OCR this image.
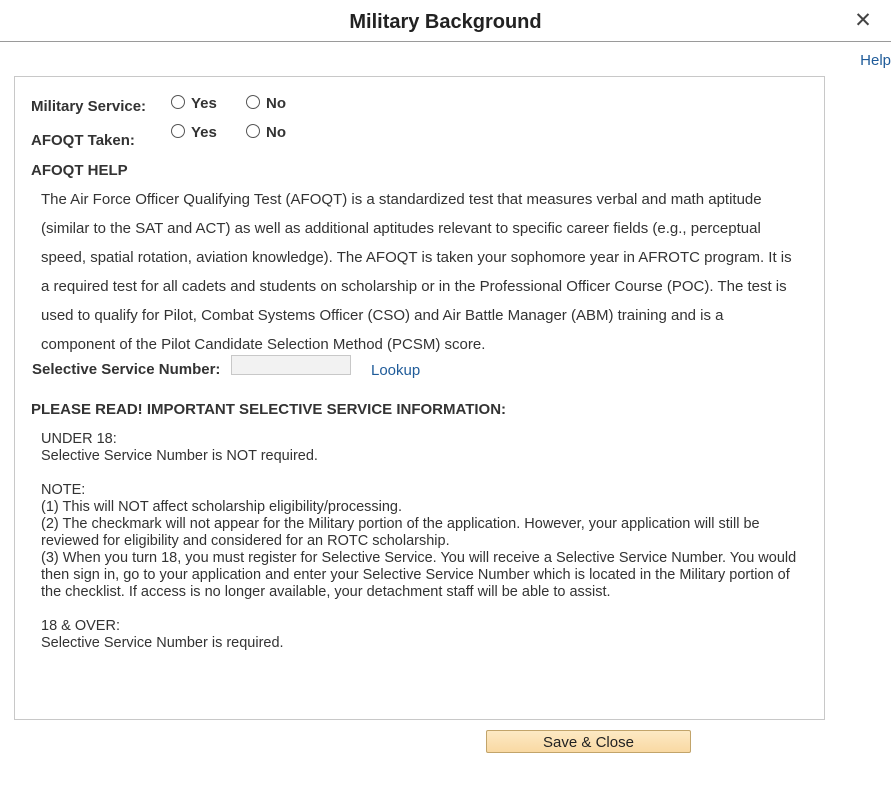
Military Background	✕
Help
Military Service:	Yes	No
AFOQT Taken:	Yes	No
AFOQT HELP
The Air Force Officer Qualifying Test (AFOQT) is a standardized test that measures verbal and math aptitude (similar to the SAT and ACT) as well as additional aptitudes relevant to specific career fields (e.g., perceptual speed, spatial rotation, aviation knowledge). The AFOQT is taken your sophomore year in AFROTC program. It is a required test for all cadets and students on scholarship or in the Professional Officer Course (POC). The test is used to qualify for Pilot, Combat Systems Officer (CSO) and Air Battle Manager (ABM) training and is a component of the Pilot Candidate Selection Method (PCSM) score.
Selective Service Number:	Lookup
PLEASE READ! IMPORTANT SELECTIVE SERVICE INFORMATION:
UNDER 18:
Selective Service Number is NOT required.
NOTE:
(1) This will NOT affect scholarship eligibility/processing.
(2) The checkmark will not appear for the Military portion of the application. However, your application will still be reviewed for eligibility and considered for an ROTC scholarship.
(3) When you turn 18, you must register for Selective Service. You will receive a Selective Service Number. You would then sign in, go to your application and enter your Selective Service Number which is located in the Military portion of the checklist. If access is no longer available, your detachment staff will be able to assist.
18 & OVER:
Selective Service Number is required.
Save & Close
